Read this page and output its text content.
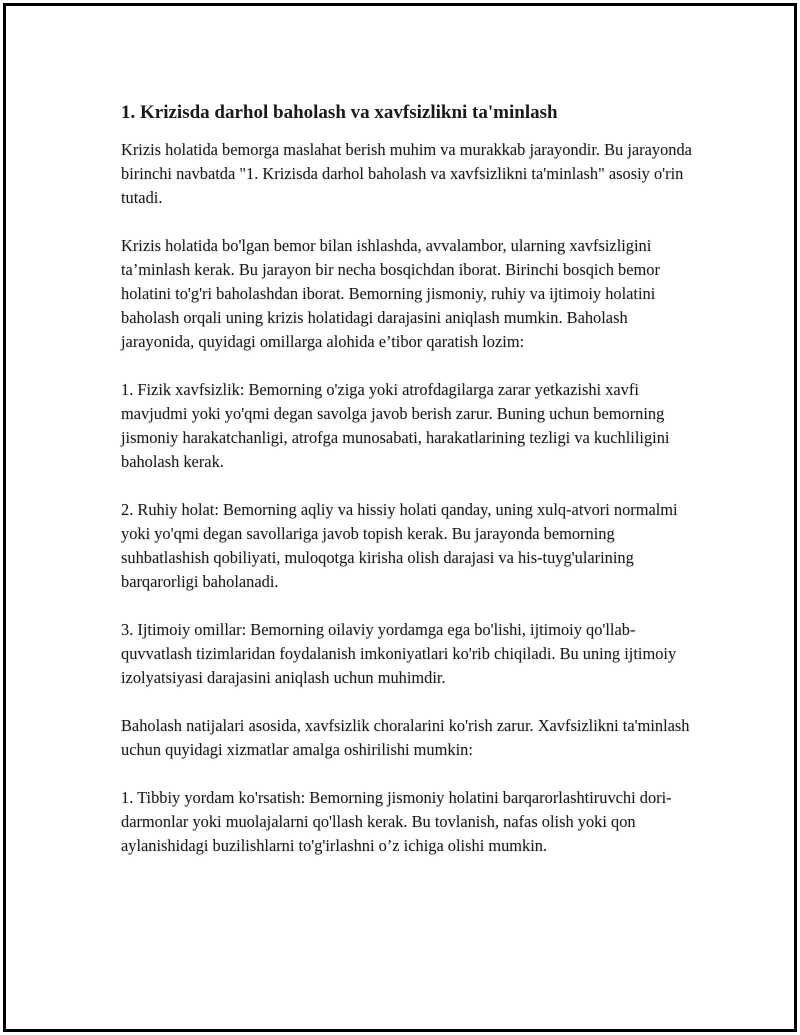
1. Krizisda darhol baholash va xavfsizlikni ta'minlash

Krizis holatida bemorga maslahat berish muhim va murakkab jarayondir. Bu jarayonda birinchi navbatda "1. Krizisda darhol baholash va xavfsizlikni ta'minlash" asosiy o'rin tutadi.

Krizis holatida bo'lgan bemor bilan ishlashda, avvalambor, ularning xavfsizligini ta’minlash kerak. Bu jarayon bir necha bosqichdan iborat. Birinchi bosqich bemor holatini to'g'ri baholashdan iborat. Bemorning jismoniy, ruhiy va ijtimoiy holatini baholash orqali uning krizis holatidagi darajasini aniqlash mumkin. Baholash jarayonida, quyidagi omillarga alohida e’tibor qaratish lozim:

1. Fizik xavfsizlik: Bemorning o'ziga yoki atrofdagilarga zarar yetkazishi xavfi mavjudmi yoki yo'qmi degan savolga javob berish zarur. Buning uchun bemorning jismoniy harakatchanligi, atrofga munosabati, harakatlarining tezligi va kuchliligini baholash kerak.

2. Ruhiy holat: Bemorning aqliy va hissiy holati qanday, uning xulq-atvori normalmi yoki yo'qmi degan savollariga javob topish kerak. Bu jarayonda bemorning suhbatlashish qobiliyati, muloqotga kirisha olish darajasi va his-tuyg'ularining barqarorligi baholanadi.

3. Ijtimoiy omillar: Bemorning oilaviy yordamga ega bo'lishi, ijtimoiy qo'llab-quvvatlash tizimlaridan foydalanish imkoniyatlari ko'rib chiqiladi. Bu uning ijtimoiy izolyatsiyasi darajasini aniqlash uchun muhimdir.

Baholash natijalari asosida, xavfsizlik choralarini ko'rish zarur. Xavfsizlikni ta'minlash uchun quyidagi xizmatlar amalga oshirilishi mumkin:

1. Tibbiy yordam ko'rsatish: Bemorning jismoniy holatini barqarorlashtiruvchi dori-darmonlar yoki muolajalarni qo'llash kerak. Bu tovlanish, nafas olish yoki qon aylanishidagi buzilishlarni to'g'irlashni o’z ichiga olishi mumkin.
